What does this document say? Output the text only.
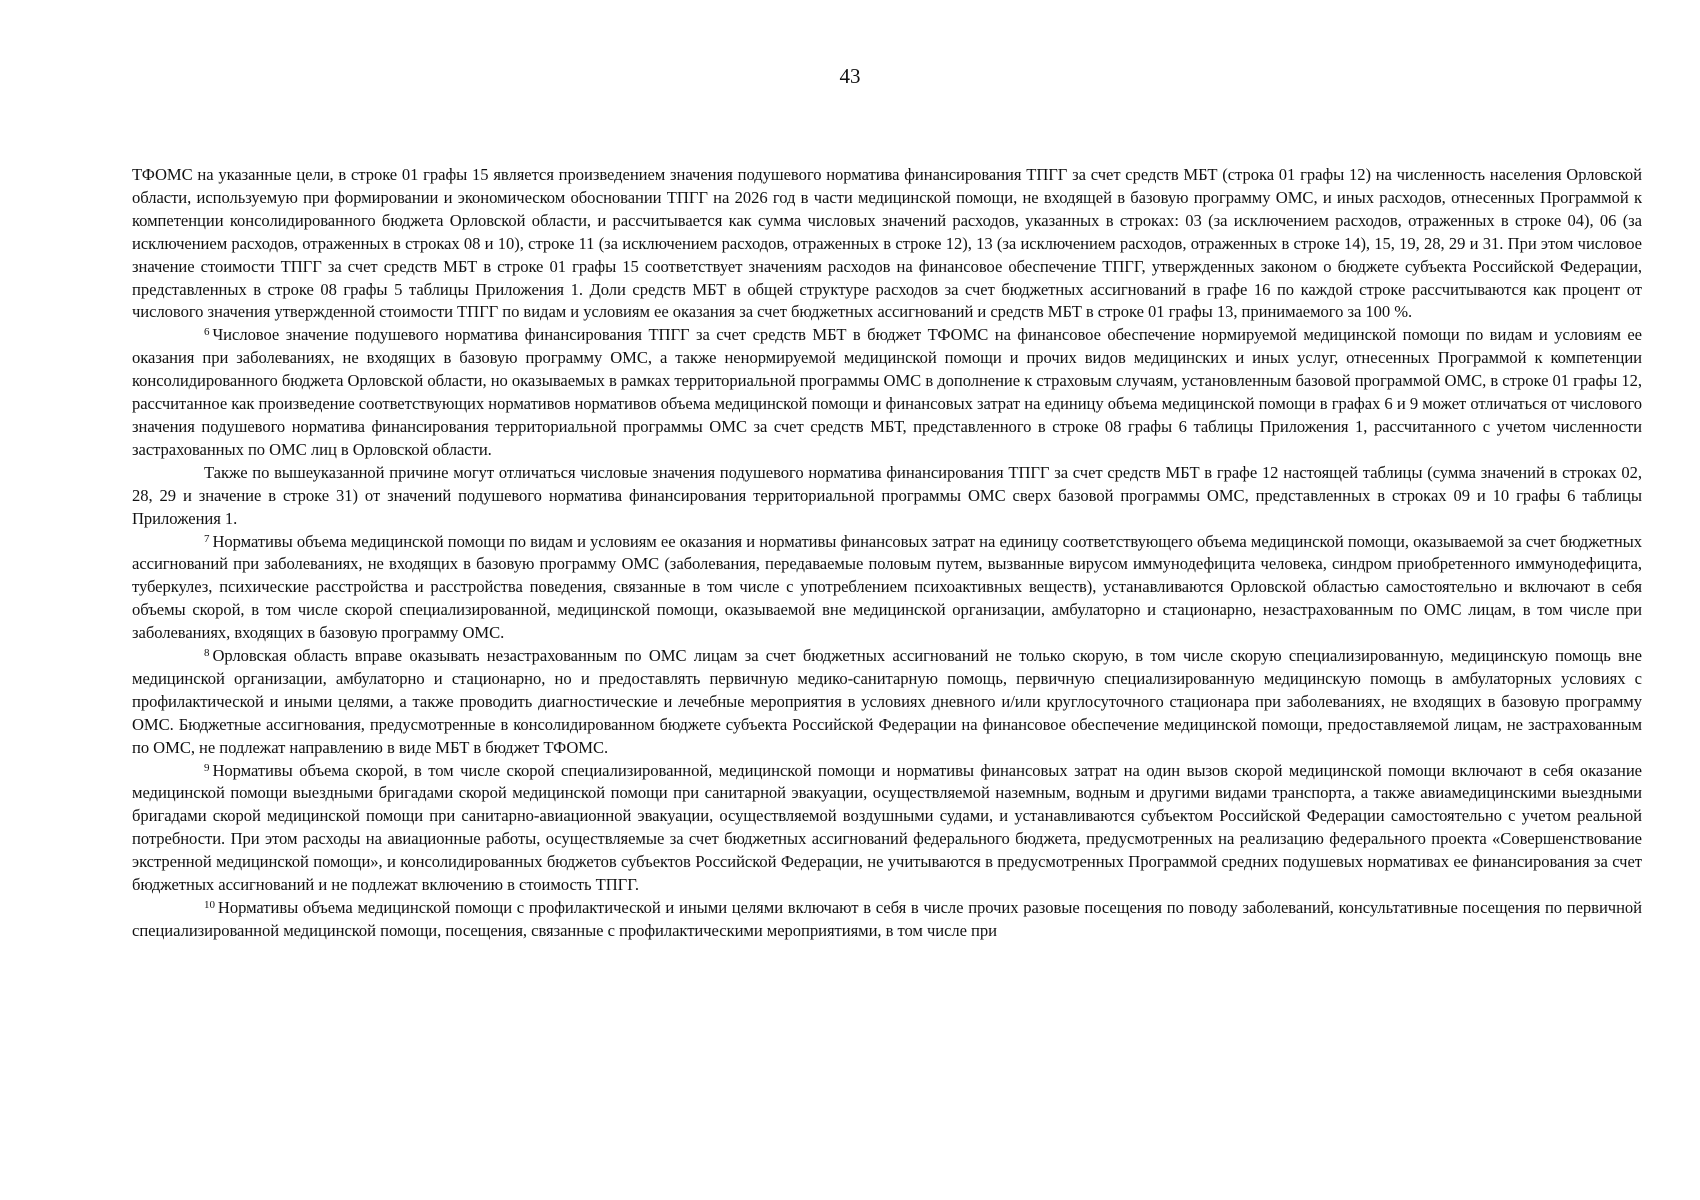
43

ТФОМС на указанные цели, в строке 01 графы 15 является произведением значения подушевого норматива финансирования ТПГГ за счет средств МБТ (строка 01 графы 12) на численность населения Орловской области, используемую при формировании и экономическом обосновании ТПГГ на 2026 год в части медицинской помощи, не входящей в базовую программу ОМС, и иных расходов, отнесенных Программой к компетенции консолидированного бюджета Орловской области, и рассчитывается как сумма числовых значений расходов, указанных в строках: 03 (за исключением расходов, отраженных в строке 04), 06 (за исключением расходов, отраженных в строках 08 и 10), строке 11 (за исключением расходов, отраженных в строке 12), 13 (за исключением расходов, отраженных в строке 14), 15, 19, 28, 29 и 31. При этом числовое значение стоимости ТПГГ за счет средств МБТ в строке 01 графы 15 соответствует значениям расходов на финансовое обеспечение ТПГГ, утвержденных законом о бюджете субъекта Российской Федерации, представленных в строке 08 графы 5 таблицы Приложения 1. Доли средств МБТ в общей структуре расходов за счет бюджетных ассигнований в графе 16 по каждой строке рассчитываются как процент от числового значения утвержденной стоимости ТПГГ по видам и условиям ее оказания за счет бюджетных ассигнований и средств МБТ в строке 01 графы 13, принимаемого за 100 %.

$^6$ Числовое значение подушевого норматива финансирования ТПГГ за счет средств МБТ в бюджет ТФОМС на финансовое обеспечение нормируемой медицинской помощи по видам и условиям ее оказания при заболеваниях, не входящих в базовую программу ОМС, а также ненормируемой медицинской помощи и прочих видов медицинских и иных услуг, отнесенных Программой к компетенции консолидированного бюджета Орловской области, но оказываемых в рамках территориальной программы ОМС в дополнение к страховым случаям, установленным базовой программой ОМС, в строке 01 графы 12, рассчитанное как произведение соответствующих нормативов нормативов объема медицинской помощи и финансовых затрат на единицу объема медицинской помощи в графах 6 и 9 может отличаться от числового значения подушевого норматива финансирования территориальной программы ОМС за счет средств МБТ, представленного в строке 08 графы 6 таблицы Приложения 1, рассчитанного с учетом численности застрахованных по ОМС лиц в Орловской области.

Также по вышеуказанной причине могут отличаться числовые значения подушевого норматива финансирования ТПГГ за счет средств МБТ в графе 12 настоящей таблицы (сумма значений в строках 02, 28, 29 и значение в строке 31) от значений подушевого норматива финансирования территориальной программы ОМС сверх базовой программы ОМС, представленных в строках 09 и 10 графы 6 таблицы Приложения 1.

$^7$ Нормативы объема медицинской помощи по видам и условиям ее оказания и нормативы финансовых затрат на единицу соответствующего объема медицинской помощи, оказываемой за счет бюджетных ассигнований при заболеваниях, не входящих в базовую программу ОМС (заболевания, передаваемые половым путем, вызванные вирусом иммунодефицита человека, синдром приобретенного иммунодефицита, туберкулез, психические расстройства и расстройства поведения, связанные в том числе с употреблением психоактивных веществ), устанавливаются Орловской областью самостоятельно и включают в себя объемы скорой, в том числе скорой специализированной, медицинской помощи, оказываемой вне медицинской организации, амбулаторно и стационарно, незастрахованным по ОМС лицам, в том числе при заболеваниях, входящих в базовую программу ОМС.

$^8$ Орловская область вправе оказывать незастрахованным по ОМС лицам за счет бюджетных ассигнований не только скорую, в том числе скорую специализированную, медицинскую помощь вне медицинской организации, амбулаторно и стационарно, но и предоставлять первичную медико-санитарную помощь, первичную специализированную медицинскую помощь в амбулаторных условиях с профилактической и иными целями, а также проводить диагностические и лечебные мероприятия в условиях дневного и/или круглосуточного стационара при заболеваниях, не входящих в базовую программу ОМС. Бюджетные ассигнования, предусмотренные в консолидированном бюджете субъекта Российской Федерации на финансовое обеспечение медицинской помощи, предоставляемой лицам, не застрахованным по ОМС, не подлежат направлению в виде МБТ в бюджет ТФОМС.

$^9$ Нормативы объема скорой, в том числе скорой специализированной, медицинской помощи и нормативы финансовых затрат на один вызов скорой медицинской помощи включают в себя оказание медицинской помощи выездными бригадами скорой медицинской помощи при санитарной эвакуации, осуществляемой наземным, водным и другими видами транспорта, а также авиамедицинскими выездными бригадами скорой медицинской помощи при санитарно-авиационной эвакуации, осуществляемой воздушными судами, и устанавливаются субъектом Российской Федерации самостоятельно с учетом реальной потребности. При этом расходы на авиационные работы, осуществляемые за счет бюджетных ассигнований федерального бюджета, предусмотренных на реализацию федерального проекта «Совершенствование экстренной медицинской помощи», и консолидированных бюджетов субъектов Российской Федерации, не учитываются в предусмотренных Программой средних подушевых нормативах ее финансирования за счет бюджетных ассигнований и не подлежат включению в стоимость ТПГГ.

$^{10}$ Нормативы объема медицинской помощи с профилактической и иными целями включают в себя в числе прочих разовые посещения по поводу заболеваний, консультативные посещения по первичной специализированной медицинской помощи, посещения, связанные с профилактическими мероприятиями, в том числе при
